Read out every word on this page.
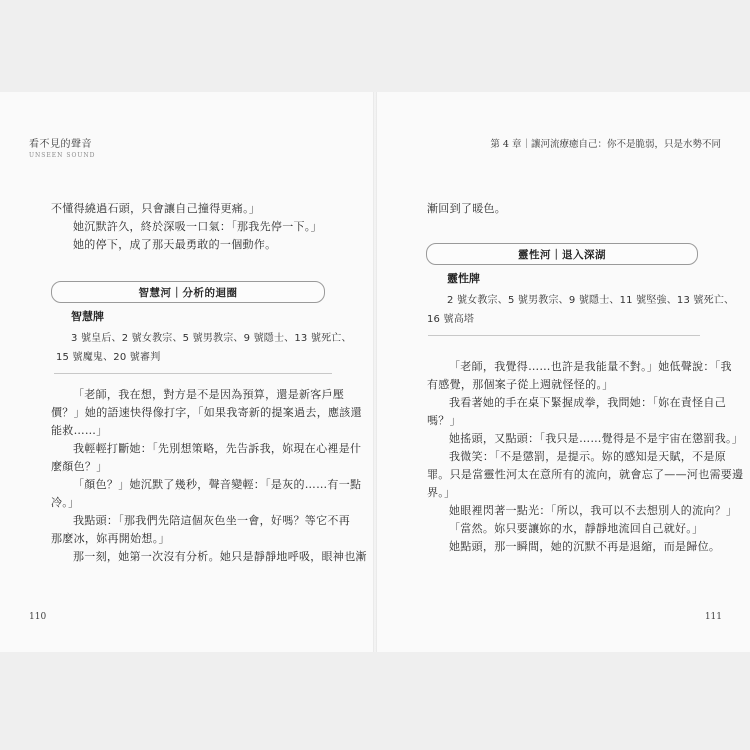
看不見的聲音
UNSEEN SOUND

不懂得繞過石頭，只會讓自己撞得更痛。」

她沉默許久，終於深吸一口氣：「那我先停一下。」

她的停下，成了那天最勇敢的一個動作。

智慧河｜分析的迴圈
智慧牌
3 號皇后、2 號女教宗、5 號男教宗、9 號隱士、13 號死亡、
15 號魔鬼、20 號審判

「老師，我在想，對方是不是因為預算，還是新客戶壓

價？」她的語速快得像打字，「如果我寄新的提案過去，應該還

能救……」

我輕輕打斷她：「先別想策略，先告訴我，妳現在心裡是什

麼顏色？」

「顏色？」她沉默了幾秒，聲音變輕：「是灰的……有一點

冷。」

我點頭：「那我們先陪這個灰色坐一會，好嗎？等它不再

那麼冰，妳再開始想。」

那一刻，她第一次沒有分析。她只是靜靜地呼吸，眼神也漸

110
第 4 章｜讓河流療癒自己：你不是脆弱，只是水勢不同

漸回到了暖色。

靈性河｜退入深湖
靈性牌
2 號女教宗、5 號男教宗、9 號隱士、11 號堅強、13 號死亡、
16 號高塔

「老師，我覺得……也許是我能量不對。」她低聲說：「我

有感覺，那個案子從上週就怪怪的。」

我看著她的手在桌下緊握成拳，我問她：「妳在責怪自己

嗎？」

她搖頭，又點頭：「我只是……覺得是不是宇宙在懲罰我。」

我微笑：「不是懲罰，是提示。妳的感知是天賦，不是原

罪。只是當靈性河太在意所有的流向，就會忘了——河也需要邊

界。」

她眼裡閃著一點光：「所以，我可以不去想別人的流向？」

「當然。妳只要讓妳的水，靜靜地流回自己就好。」

她點頭，那一瞬間，她的沉默不再是退縮，而是歸位。

111
